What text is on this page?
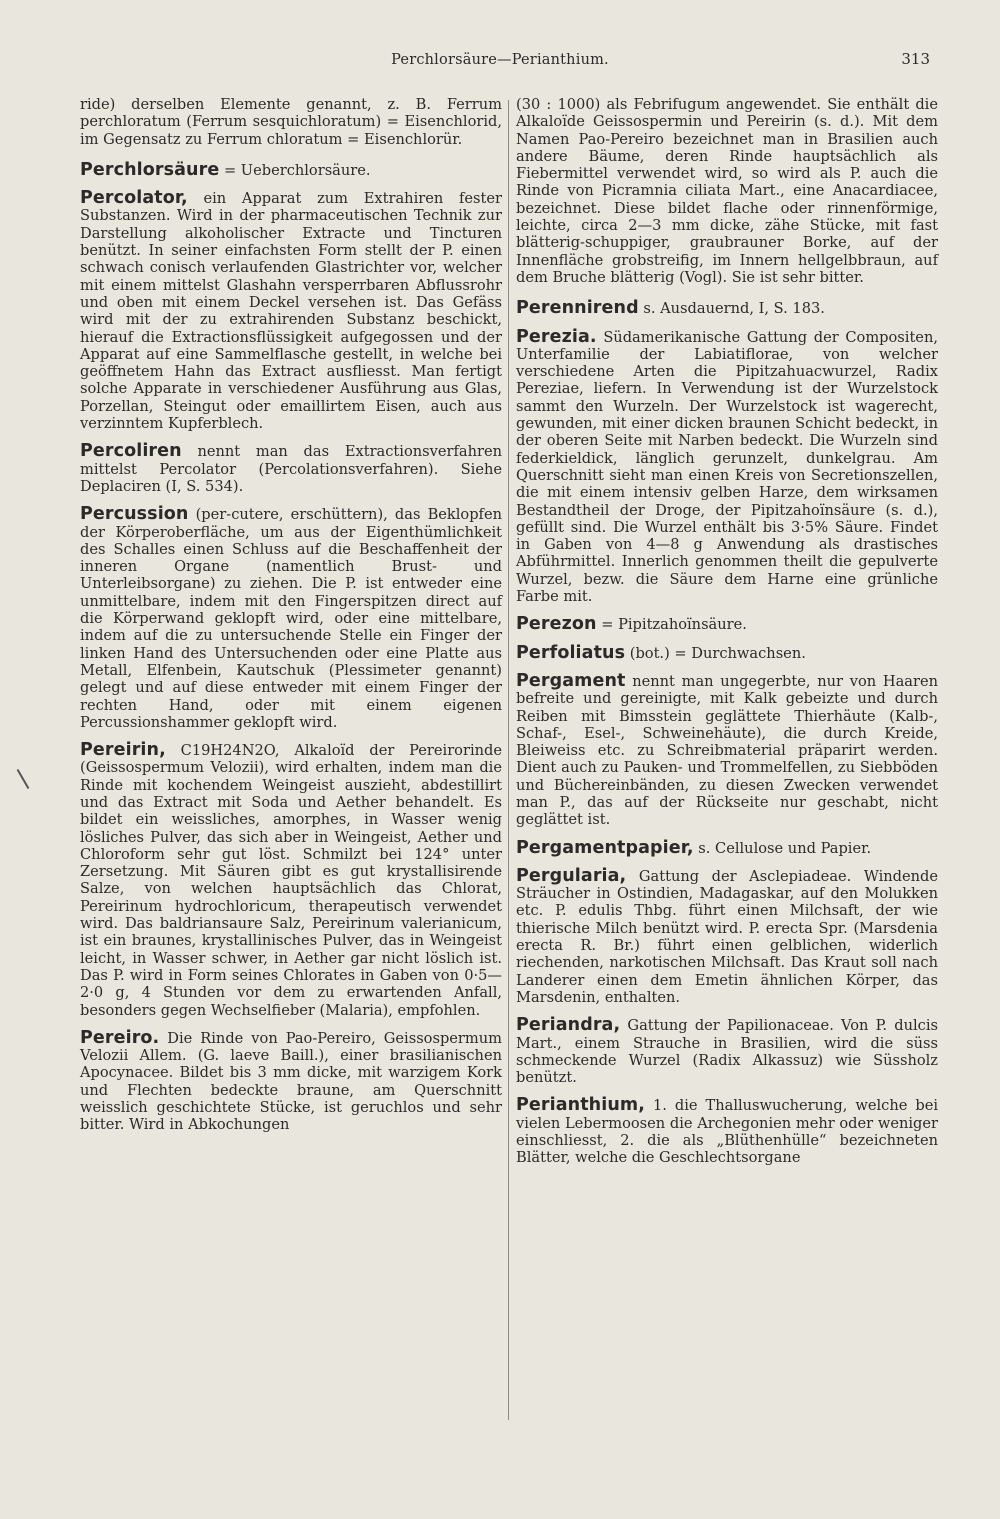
Perchlorsäure—Perianthium.	313

ride) derselben Elemente genannt, z. B. Ferrum perchloratum (Ferrum sesquichloratum) = Eisenchlorid, im Gegensatz zu Ferrum chloratum = Eisenchlorür.

Perchlorsäure = Ueberchlorsäure.

Percolator, ein Apparat zum Extrahiren fester Substanzen. Wird in der pharmaceutischen Technik zur Darstellung alkoholischer Extracte und Tincturen benützt. In seiner einfachsten Form stellt der P. einen schwach conisch verlaufenden Glastrichter vor, welcher mit einem mittelst Glashahn versperrbaren Abflussrohr und oben mit einem Deckel versehen ist. Das Gefäss wird mit der zu extrahirenden Substanz beschickt, hierauf die Extractionsflüssigkeit aufgegossen und der Apparat auf eine Sammelflasche gestellt, in welche bei geöffnetem Hahn das Extract ausfliesst. Man fertigt solche Apparate in verschiedener Ausführung aus Glas, Porzellan, Steingut oder emaillirtem Eisen, auch aus verzinntem Kupferblech.

Percoliren nennt man das Extractionsverfahren mittelst Percolator (Percolationsverfahren). Siehe Deplaciren (I, S. 534).

Percussion (per-cutere, erschüttern), das Beklopfen der Körperoberfläche, um aus der Eigenthümlichkeit des Schalles einen Schluss auf die Beschaffenheit der inneren Organe (namentlich Brust- und Unterleibsorgane) zu ziehen. Die P. ist entweder eine unmittelbare, indem mit den Fingerspitzen direct auf die Körperwand geklopft wird, oder eine mittelbare, indem auf die zu untersuchende Stelle ein Finger der linken Hand des Untersuchenden oder eine Platte aus Metall, Elfenbein, Kautschuk (Plessimeter genannt) gelegt und auf diese entweder mit einem Finger der rechten Hand, oder mit einem eigenen Percussionshammer geklopft wird.

Pereirin, C19H24N2O, Alkaloïd der Pereirorinde (Geissospermum Velozii), wird erhalten, indem man die Rinde mit kochendem Weingeist auszieht, abdestillirt und das Extract mit Soda und Aether behandelt. Es bildet ein weissliches, amorphes, in Wasser wenig lösliches Pulver, das sich aber in Weingeist, Aether und Chloroform sehr gut löst. Schmilzt bei 124° unter Zersetzung. Mit Säuren gibt es gut krystallisirende Salze, von welchen hauptsächlich das Chlorat, Pereirinum hydrochloricum, therapeutisch verwendet wird. Das baldriansaure Salz, Pereirinum valerianicum, ist ein braunes, krystallinisches Pulver, das in Weingeist leicht, in Wasser schwer, in Aether gar nicht löslich ist. Das P. wird in Form seines Chlorates in Gaben von 0·5—2·0 g, 4 Stunden vor dem zu erwartenden Anfall, besonders gegen Wechselfieber (Malaria), empfohlen.

Pereiro. Die Rinde von Pao-Pereiro, Geissospermum Velozii Allem. (G. laeve Baill.), einer brasilianischen Apocynacee. Bildet bis 3 mm dicke, mit warzigem Kork und Flechten bedeckte braune, am Querschnitt weisslich geschichtete Stücke, ist geruchlos und sehr bitter. Wird in Abkochungen

(30 : 1000) als Febrifugum angewendet. Sie enthält die Alkaloïde Geissospermin und Pereirin (s. d.). Mit dem Namen Pao-Pereiro bezeichnet man in Brasilien auch andere Bäume, deren Rinde hauptsächlich als Fiebermittel verwendet wird, so wird als P. auch die Rinde von Picramnia ciliata Mart., eine Anacardiacee, bezeichnet. Diese bildet flache oder rinnenförmige, leichte, circa 2—3 mm dicke, zähe Stücke, mit fast blätterig-schuppiger, graubrauner Borke, auf der Innenfläche grobstreifig, im Innern hellgelbbraun, auf dem Bruche blätterig (Vogl). Sie ist sehr bitter.

Perennirend s. Ausdauernd, I, S. 183.

Perezia. Südamerikanische Gattung der Compositen, Unterfamilie der Labiatiflorae, von welcher verschiedene Arten die Pipitzahuacwurzel, Radix Pereziae, liefern. In Verwendung ist der Wurzelstock sammt den Wurzeln. Der Wurzelstock ist wagerecht, gewunden, mit einer dicken braunen Schicht bedeckt, in der oberen Seite mit Narben bedeckt. Die Wurzeln sind federkieldick, länglich gerunzelt, dunkelgrau. Am Querschnitt sieht man einen Kreis von Secretionszellen, die mit einem intensiv gelben Harze, dem wirksamen Bestandtheil der Droge, der Pipitzahoïnsäure (s. d.), gefüllt sind. Die Wurzel enthält bis 3·5% Säure. Findet in Gaben von 4—8 g Anwendung als drastisches Abführmittel. Innerlich genommen theilt die gepulverte Wurzel, bezw. die Säure dem Harne eine grünliche Farbe mit.

Perezon = Pipitzahoïnsäure.

Perfoliatus (bot.) = Durchwachsen.

Pergament nennt man ungegerbte, nur von Haaren befreite und gereinigte, mit Kalk gebeizte und durch Reiben mit Bimsstein geglättete Thierhäute (Kalb-, Schaf-, Esel-, Schweinehäute), die durch Kreide, Bleiweiss etc. zu Schreibmaterial präparirt werden. Dient auch zu Pauken- und Trommelfellen, zu Siebböden und Büchereinbänden, zu diesen Zwecken verwendet man P., das auf der Rückseite nur geschabt, nicht geglättet ist.

Pergamentpapier, s. Cellulose und Papier.

Pergularia, Gattung der Asclepiadeae. Windende Sträucher in Ostindien, Madagaskar, auf den Molukken etc. P. edulis Thbg. führt einen Milchsaft, der wie thierische Milch benützt wird. P. erecta Spr. (Marsdenia erecta R. Br.) führt einen gelblichen, widerlich riechenden, narkotischen Milchsaft. Das Kraut soll nach Landerer einen dem Emetin ähnlichen Körper, das Marsdenin, enthalten.

Periandra, Gattung der Papilionaceae. Von P. dulcis Mart., einem Strauche in Brasilien, wird die süss schmeckende Wurzel (Radix Alkassuz) wie Süssholz benützt.

Perianthium, 1. die Thalluswucherung, welche bei vielen Lebermoosen die Archegonien mehr oder weniger einschliesst, 2. die als „Blüthenhülle“ bezeichneten Blätter, welche die Geschlechtsorgane
